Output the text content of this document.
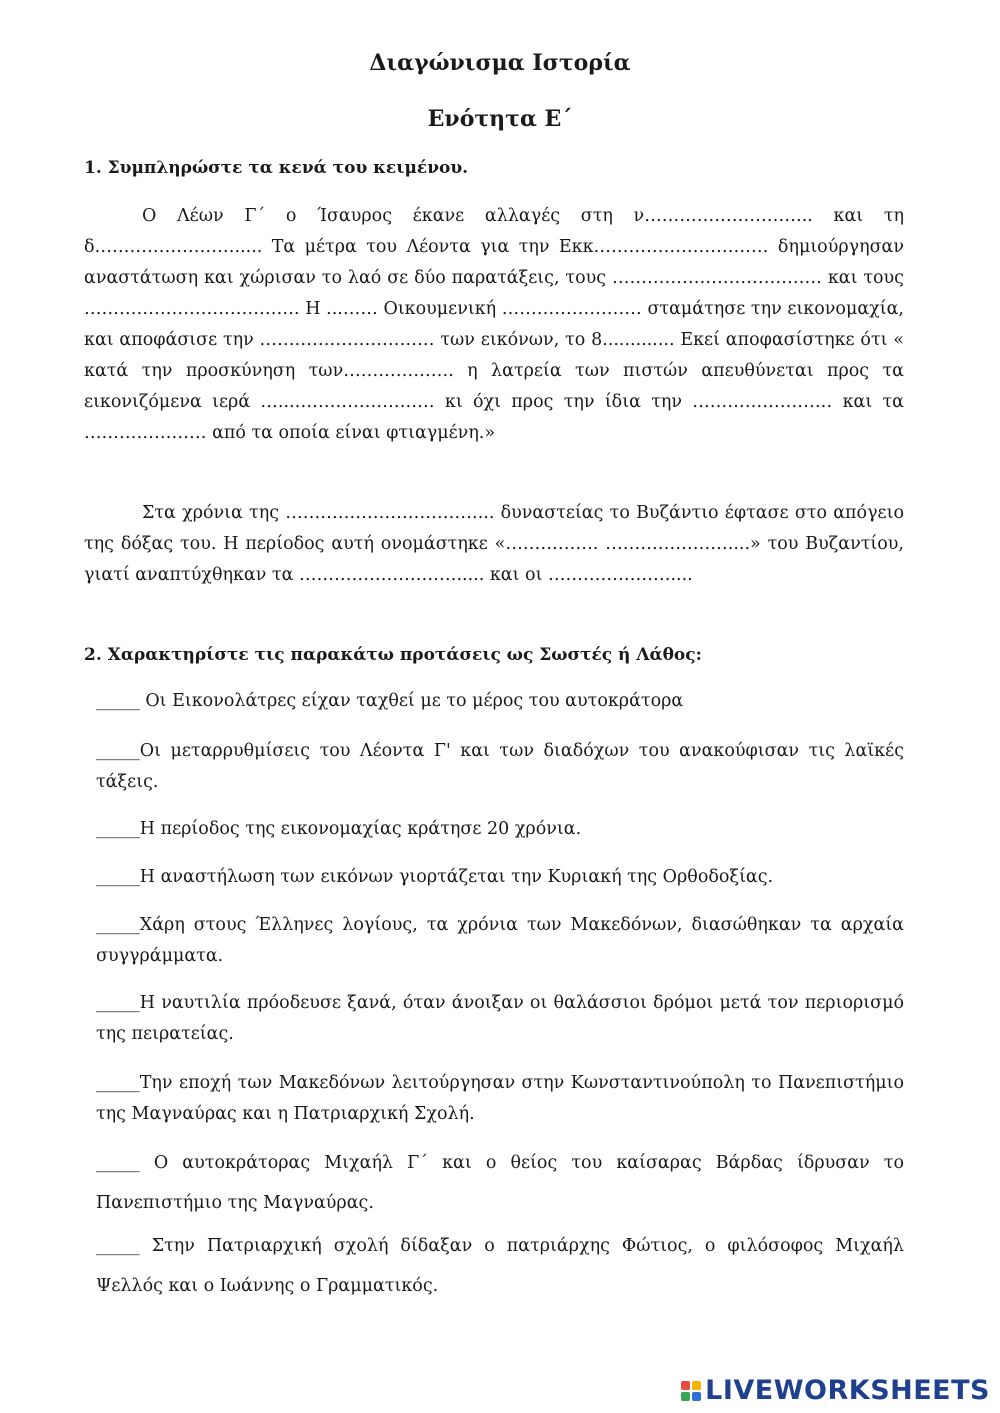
Διαγώνισμα Ιστορία
Ενότητα Ε΄
1. Συμπληρώστε τα κενά του κειμένου.

Ο Λέων Γ΄ ο Ίσαυρος έκανε αλλαγές στη ν……………………….. και τη δ……………………..... Τα μέτρα του Λέοντα για την Εκκ………………………… δημιούργησαν αναστάτωση και χώρισαν το λαό σε δύο παρατάξεις, τους ……………………………… και τους ………………………………. Η ...…… Οικουμενική …………………… σταμάτησε την εικονομαχία, και αποφάσισε την ………………………… των εικόνων, το 8............. Εκεί αποφασίστηκε ότι « κατά την προσκύνηση των………………. η λατρεία των πιστών απευθύνεται προς τα εικονιζόμενα ιερά …...…………………… κι όχι προς την ίδια την …………………… και τα ………………… από τα οποία είναι φτιαγμένη.»

Στα χρόνια της ……………………………... δυναστείας το Βυζάντιο έφτασε στο απόγειο της δόξας του. Η περίοδος αυτή ονομάστηκε «……………. …………………....» του Βυζαντίου, γιατί αναπτύχθηκαν τα ………………………..... και οι …………………....

2. Χαρακτηρίστε τις παρακάτω προτάσεις ως Σωστές ή Λάθος:

_____ Οι Εικονολάτρες είχαν ταχθεί με το μέρος του αυτοκράτορα

_____Οι μεταρρυθμίσεις του Λέοντα Γ' και των διαδόχων του ανακούφισαν τις λαϊκές τάξεις.

_____Η περίοδος της εικονομαχίας κράτησε 20 χρόνια.

_____Η αναστήλωση των εικόνων γιορτάζεται την Κυριακή της Ορθοδοξίας.

_____Χάρη στους Έλληνες λογίους, τα χρόνια των Μακεδόνων, διασώθηκαν τα αρχαία συγγράμματα.

_____Η ναυτιλία πρόοδευσε ξανά, όταν άνοιξαν οι θαλάσσιοι δρόμοι μετά τον περιορισμό της πειρατείας.

_____Την εποχή των Μακεδόνων λειτούργησαν στην Κωνσταντινούπολη το Πανεπιστήμιο της Μαγναύρας και η Πατριαρχική Σχολή.

_____ Ο αυτοκράτορας Μιχαήλ Γ΄ και ο θείος του καίσαρας Βάρδας ίδρυσαν το Πανεπιστήμιο της Μαγναύρας.

_____ Στην Πατριαρχική σχολή δίδαξαν ο πατριάρχης Φώτιος, ο φιλόσοφος Μιχαήλ Ψελλός και ο Ιωάννης ο Γραμματικός.

LIVEWORKSHEETS
